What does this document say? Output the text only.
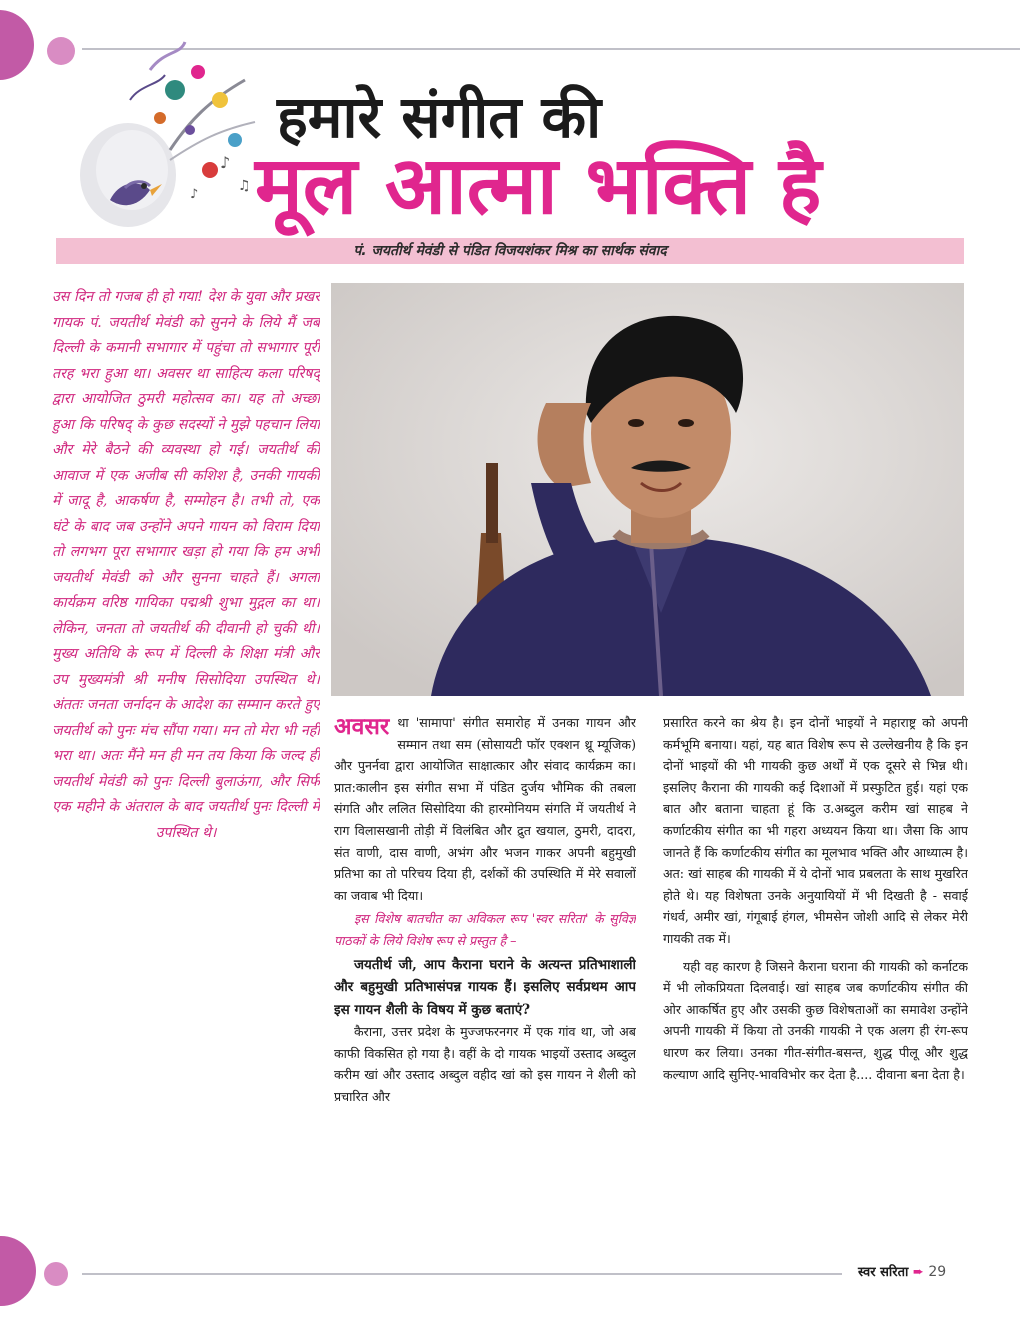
♪
♫
♪
हमारे संगीत की
मूल आत्मा भक्ति है
पं. जयतीर्थ मेवंडी से पंडित विजयशंकर मिश्र का सार्थक संवाद
उस दिन तो गजब ही हो गया! देश के युवा और प्रखर गायक पं. जयतीर्थ मेवंडी को सुनने के लिये मैं जब दिल्ली के कमानी सभागार में पहुंचा तो सभागार पूरी तरह भरा हुआ था। अवसर था साहित्य कला परिषद् द्वारा आयोजित ठुमरी महोत्सव का। यह तो अच्छा हुआ कि परिषद् के कुछ सदस्यों ने मुझे पहचान लिया और मेरे बैठने की व्यवस्था हो गई। जयतीर्थ की आवाज में एक अजीब सी कशिश है, उनकी गायकी में जादू है, आकर्षण है, सम्मोहन है। तभी तो, एक घंटे के बाद जब उन्होंने अपने गायन को विराम दिया तो लगभग पूरा सभागार खड़ा हो गया कि हम अभी जयतीर्थ मेवंडी को और सुनना चाहते हैं। अगला कार्यक्रम वरिष्ठ गायिका पद्मश्री शुभा मुद्गल का था। लेकिन, जनता तो जयतीर्थ की दीवानी हो चुकी थी। मुख्य अतिथि के रूप में दिल्ली के शिक्षा मंत्री और उप मुख्यमंत्री श्री मनीष सिसोदिया उपस्थित थे। अंततः जनता जर्नादन के आदेश का सम्मान करते हुए जयतीर्थ को पुनः मंच सौंपा गया। मन तो मेरा भी नहीं भरा था। अतः मैंने मन ही मन तय किया कि जल्द ही जयतीर्थ मेवंडी को पुनः दिल्ली बुलाऊंगा, और सिर्फ एक महीने के अंतराल के बाद जयतीर्थ पुनः दिल्ली में उपस्थित थे।

अवसर था 'सामापा' संगीत समारोह में उनका गायन और सम्मान तथा सम (सोसायटी फॉर एक्शन थ्रू म्यूजिक) और पुनर्नवा द्वारा आयोजित साक्षात्कार और संवाद कार्यक्रम का। प्रात:कालीन इस संगीत सभा में पंडित दुर्जय भौमिक की तबला संगति और ललित सिसोदिया की हारमोनियम संगति में जयतीर्थ ने राग विलासखानी तोड़ी में विलंबित और द्रुत खयाल, ठुमरी, दादरा, संत वाणी, दास वाणी, अभंग और भजन गाकर अपनी बहुमुखी प्रतिभा का तो परिचय दिया ही, दर्शकों की उपस्थिति में मेरे सवालों का जवाब भी दिया।

इस विशेष बातचीत का अविकल रूप 'स्वर सरिता' के सुविज्ञ पाठकों के लिये विशेष रूप से प्रस्तुत है –

जयतीर्थ जी, आप कैराना घराने के अत्यन्त प्रतिभाशाली और बहुमुखी प्रतिभासंपन्न गायक हैं। इसलिए सर्वप्रथम आप इस गायन शैली के विषय में कुछ बताएं?

कैराना, उत्तर प्रदेश के मुज्जफरनगर में एक गांव था, जो अब काफी विकसित हो गया है। वहीं के दो गायक भाइयों उस्ताद अब्दुल करीम खां और उस्ताद अब्दुल वहीद खां को इस गायन ने शैली को प्रचारित और

प्रसारित करने का श्रेय है। इन दोनों भाइयों ने महाराष्ट्र को अपनी कर्मभूमि बनाया। यहां, यह बात विशेष रूप से उल्लेखनीय है कि इन दोनों भाइयों की भी गायकी कुछ अर्थों में एक दूसरे से भिन्न थी। इसलिए कैराना की गायकी कई दिशाओं में प्रस्फुटित हुई। यहां एक बात और बताना चाहता हूं कि उ.अब्दुल करीम खां साहब ने कर्णाटकीय संगीत का भी गहरा अध्ययन किया था। जैसा कि आप जानते हैं कि कर्णाटकीय संगीत का मूलभाव भक्ति और आध्यात्म है। अत: खां साहब की गायकी में ये दोनों भाव प्रबलता के साथ मुखरित होते थे। यह विशेषता उनके अनुयायियों में भी दिखती है - सवाई गंधर्व, अमीर खां, गंगूबाई हंगल, भीमसेन जोशी आदि से लेकर मेरी गायकी तक में।

यही वह कारण है जिसने कैराना घराना की गायकी को कर्नाटक में भी लोकप्रियता दिलवाई। खां साहब जब कर्णाटकीय संगीत की ओर आकर्षित हुए और उसकी कुछ विशेषताओं का समावेश उन्होंने अपनी गायकी में किया तो उनकी गायकी ने एक अलग ही रंग-रूप धारण कर लिया। उनका गीत-संगीत-बसन्त, शुद्ध पीलू और शुद्ध कल्याण आदि सुनिए-भावविभोर कर देता है.... दीवाना बना देता है।

स्वर सरिता ➨ 29
